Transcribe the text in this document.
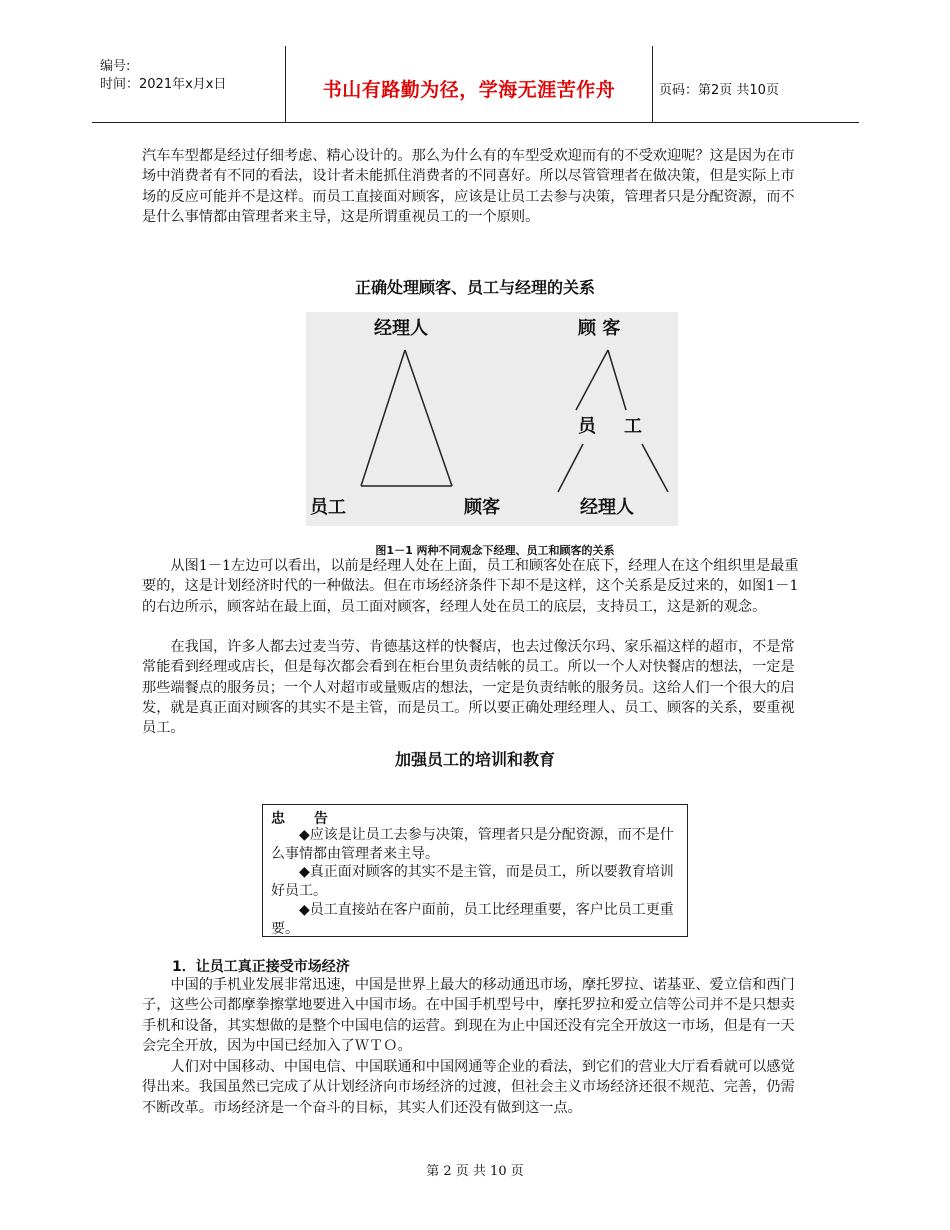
编号:
时间：2021年x月x日	书山有路勤为径，学海无涯苦作舟	页码：第2页 共10页

汽车车型都是经过仔细考虑、精心设计的。那么为什么有的车型受欢迎而有的不受欢迎呢？这是因为在市场中消费者有不同的看法，设计者未能抓住消费者的不同喜好。所以尽管管理者在做决策，但是实际上市场的反应可能并不是这样。而员工直接面对顾客，应该是让员工去参与决策，管理者只是分配资源，而不是什么事情都由管理者来主导，这是所谓重视员工的一个原则。

正确处理顾客、员工与经理的关系
经理人
员工	顾客
顾 客
员 工
经理人
图1－1 两种不同观念下经理、员工和顾客的关系

从图1－1左边可以看出，以前是经理人处在上面，员工和顾客处在底下，经理人在这个组织里是最重要的，这是计划经济时代的一种做法。但在市场经济条件下却不是这样，这个关系是反过来的，如图1－1的右边所示，顾客站在最上面，员工面对顾客，经理人处在员工的底层，支持员工，这是新的观念。

在我国，许多人都去过麦当劳、肯德基这样的快餐店，也去过像沃尔玛、家乐福这样的超市，不是常常能看到经理或店长，但是每次都会看到在柜台里负责结帐的员工。所以一个人对快餐店的想法，一定是那些端餐点的服务员；一个人对超市或量贩店的想法，一定是负责结帐的服务员。这给人们一个很大的启发，就是真正面对顾客的其实不是主管，而是员工。所以要正确处理经理人、员工、顾客的关系，要重视员工。

加强员工的培训和教育
忠 告

◆应该是让员工去参与决策，管理者只是分配资源，而不是什么事情都由管理者来主导。

◆真正面对顾客的其实不是主管，而是员工，所以要教育培训好员工。

◆员工直接站在客户面前，员工比经理重要，客户比员工更重要。

1．让员工真正接受市场经济

中国的手机业发展非常迅速，中国是世界上最大的移动通迅市场，摩托罗拉、诺基亚、爱立信和西门子，这些公司都摩拳擦掌地要进入中国市场。在中国手机型号中，摩托罗拉和爱立信等公司并不是只想卖手机和设备，其实想做的是整个中国电信的运营。到现在为止中国还没有完全开放这一市场，但是有一天会完全开放，因为中国已经加入了ＷＴＯ。

人们对中国移动、中国电信、中国联通和中国网通等企业的看法，到它们的营业大厅看看就可以感觉得出来。我国虽然已完成了从计划经济向市场经济的过渡，但社会主义市场经济还很不规范、完善，仍需不断改革。市场经济是一个奋斗的目标，其实人们还没有做到这一点。

第 2 页 共 10 页
